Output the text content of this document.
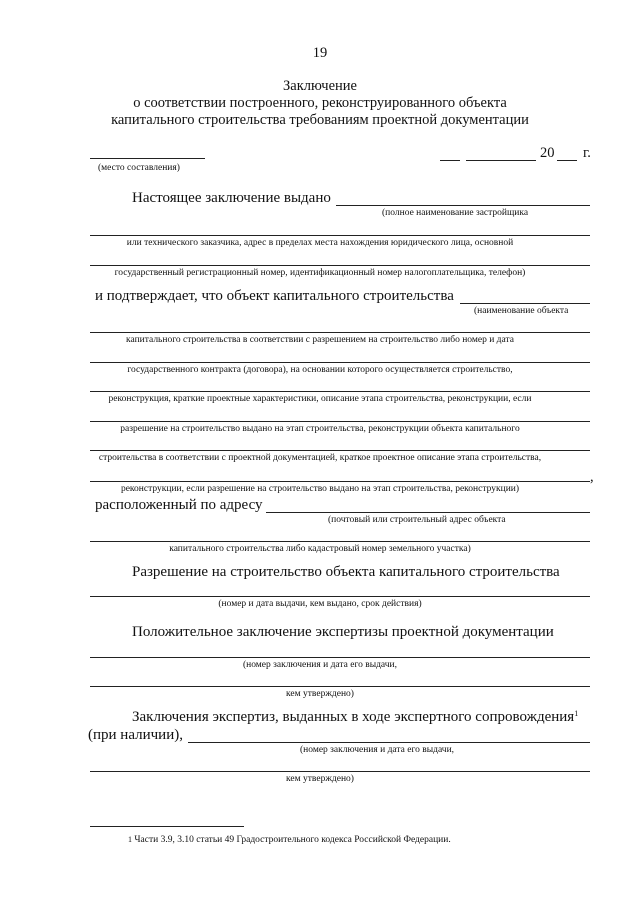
19
Заключение
о соответствии построенного, реконструированного объекта
капитального строительства требованиям проектной документации
(место составления)
20 г.
Настоящее заключение выдано
(полное наименование застройщика
или технического заказчика, адрес в пределах места нахождения юридического лица, основной
государственный регистрационный номер, идентификационный номер налогоплательщика, телефон)
и подтверждает, что объект капитального строительства
(наименование объекта
капитального строительства в соответствии с разрешением на строительство либо номер и дата
государственного контракта (договора), на основании которого осуществляется строительство,
реконструкция, краткие проектные характеристики, описание этапа строительства, реконструкции, если
разрешение на строительство выдано на этап строительства, реконструкции объекта капитального
строительства в соответствии с проектной документацией, краткое проектное описание этапа строительства,
,
реконструкции, если разрешение на строительство выдано на этап строительства, реконструкции)
расположенный по адресу
(почтовый или строительный адрес объекта
капитального строительства либо кадастровый номер земельного участка)
Разрешение на строительство объекта капитального строительства
(номер и дата выдачи, кем выдано, срок действия)
Положительное заключение экспертизы проектной документации
(номер заключения и дата его выдачи,
кем утверждено)
Заключения экспертиз, выданных в ходе экспертного сопровождения$^1$
(при наличии),
(номер заключения и дата его выдачи,
кем утверждено)
$^1$ Части 3.9, 3.10 статьи 49 Градостроительного кодекса Российской Федерации.
